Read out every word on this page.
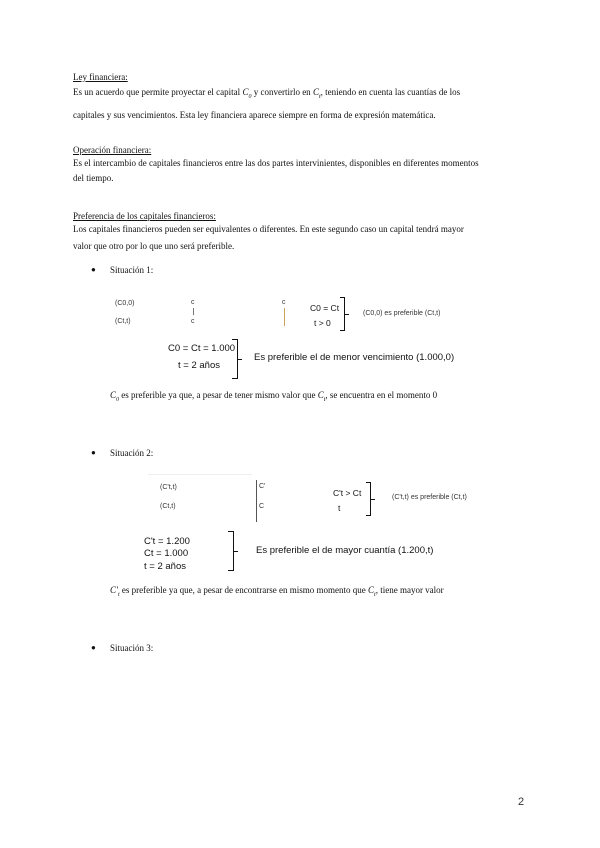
Ley financiera:
Es un acuerdo que permite proyectar el capital $C_0$ y convertirlo en $C_t$, teniendo en cuenta las cuantías de los
capitales y sus vencimientos. Esta ley financiera aparece siempre en forma de expresión matemática.
Operación financiera:
Es el intercambio de capitales financieros entre las dos partes intervinientes, disponibles en diferentes momentos
del tiempo.
Preferencia de los capitales financieros:
Los capitales financieros pueden ser equivalentes o diferentes. En este segundo caso un capital tendrá mayor
valor que otro por lo que uno será preferible.
● Situación 1:
(C0,0)
(Ct,t)
c
c
c
C0 = Ct
t > 0
(C0,0) es preferible (Ct,t)
C0 = Ct = 1.000
t = 2 años
Es preferible el de menor vencimiento (1.000,0)
$C_0$ es preferible ya que, a pesar de tener mismo valor que $C_t$, se encuentra en el momento 0
● Situación 2:
(C't,t)
(Ct,t)
C'
C
C't > Ct
t
(C't,t) es preferible (Ct,t)
C't = 1.200
Ct = 1.000
t = 2 años
Es preferible el de mayor cuantía (1.200,t)
$C'_t$ es preferible ya que, a pesar de encontrarse en mismo momento que $C_t$, tiene mayor valor
● Situación 3:
2
